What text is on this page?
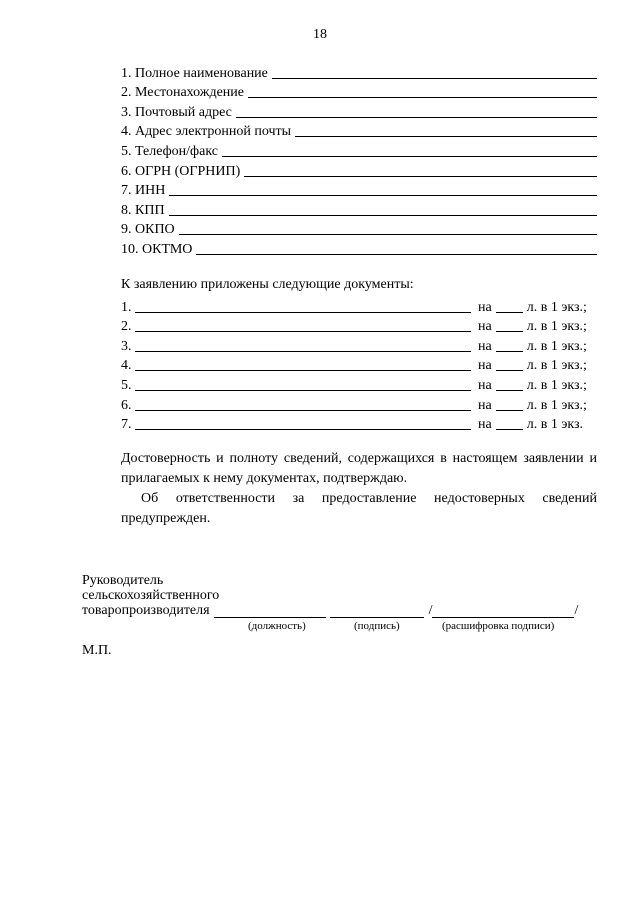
18
1. Полное наименование
2. Местонахождение
3. Почтовый адрес
4. Адрес электронной почты
5. Телефон/факс
6. ОГРН (ОГРНИП)
7. ИНН
8. КПП
9. ОКПО
10. ОКТМО
К заявлению приложены следующие документы:
1.	на	л. в 1 экз.;
2.	на	л. в 1 экз.;
3.	на	л. в 1 экз.;
4.	на	л. в 1 экз.;
5.	на	л. в 1 экз.;
6.	на	л. в 1 экз.;
7.	на	л. в 1 экз.
Достоверность и полноту сведений, содержащихся в настоящем заявлении и прилагаемых к нему документах, подтверждаю.
Об ответственности за предоставление недостоверных сведений предупрежден.
Руководитель
сельскохозяйственного
товаропроизводителя	/	/
(должность)	(подпись)	(расшифровка подписи)
М.П.
